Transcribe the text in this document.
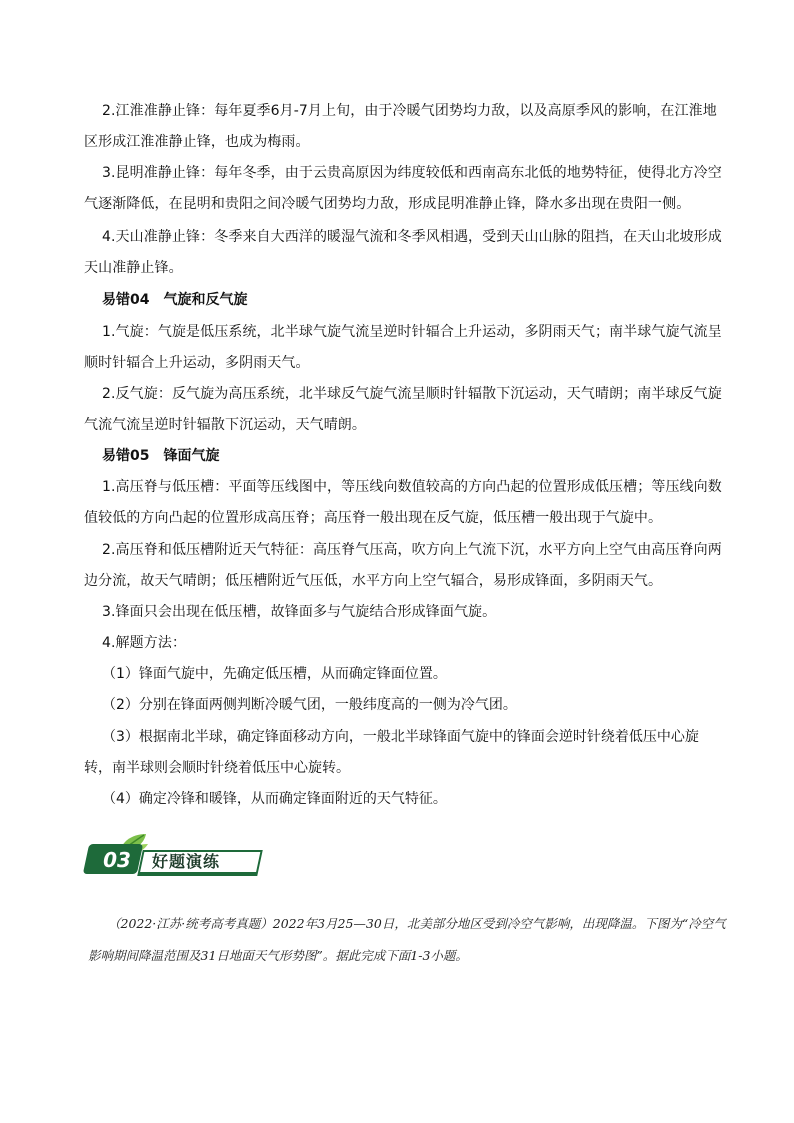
2.江淮准静止锋：每年夏季6月-7月上旬，由于冷暖气团势均力敌，以及高原季风的影响，在江淮地区形成江淮准静止锋，也成为梅雨。

3.昆明准静止锋：每年冬季，由于云贵高原因为纬度较低和西南高东北低的地势特征，使得北方冷空气逐渐降低，在昆明和贵阳之间冷暖气团势均力敌，形成昆明准静止锋，降水多出现在贵阳一侧。

4.天山准静止锋：冬季来自大西洋的暖湿气流和冬季风相遇，受到天山山脉的阻挡，在天山北坡形成天山准静止锋。

易错04　气旋和反气旋

1.气旋：气旋是低压系统，北半球气旋气流呈逆时针辐合上升运动，多阴雨天气；南半球气旋气流呈顺时针辐合上升运动，多阴雨天气。

2.反气旋：反气旋为高压系统，北半球反气旋气流呈顺时针辐散下沉运动，天气晴朗；南半球反气旋气流气流呈逆时针辐散下沉运动，天气晴朗。

易错05　锋面气旋

1.高压脊与低压槽：平面等压线图中，等压线向数值较高的方向凸起的位置形成低压槽；等压线向数值较低的方向凸起的位置形成高压脊；高压脊一般出现在反气旋，低压槽一般出现于气旋中。

2.高压脊和低压槽附近天气特征：高压脊气压高，吹方向上气流下沉，水平方向上空气由高压脊向两边分流，故天气晴朗；低压槽附近气压低，水平方向上空气辐合，易形成锋面，多阴雨天气。

3.锋面只会出现在低压槽，故锋面多与气旋结合形成锋面气旋。

4.解题方法：

（1）锋面气旋中，先确定低压槽，从而确定锋面位置。
（2）分别在锋面两侧判断冷暖气团，一般纬度高的一侧为冷气团。
（3）根据南北半球，确定锋面移动方向，一般北半球锋面气旋中的锋面会逆时针绕着低压中心旋转，南半球则会顺时针绕着低压中心旋转。
（4）确定冷锋和暖锋，从而确定锋面附近的天气特征。
03	好题演练

（2022·江苏·统考高考真题）2022年3月25—30日，北美部分地区受到冷空气影响，出现降温。下图为“冷空气影响期间降温范围及31日地面天气形势图”。据此完成下面1-3小题。
